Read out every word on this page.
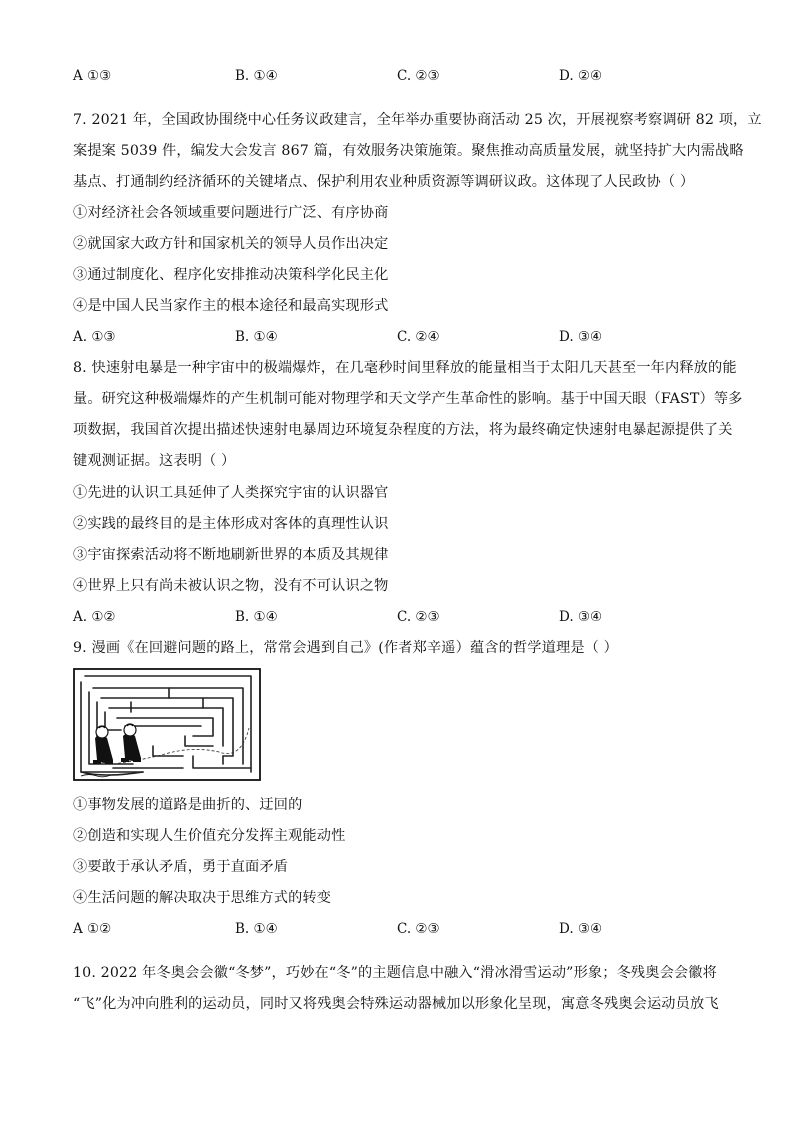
A ①③	B. ①④	C. ②③	D. ②④
7. 2021 年，全国政协围绕中心任务议政建言，全年举办重要协商活动 25 次，开展视察考察调研 82 项，立
案提案 5039 件，编发大会发言 867 篇，有效服务决策施策。聚焦推动高质量发展，就坚持扩大内需战略
基点、打通制约经济循环的关键堵点、保护利用农业种质资源等调研议政。这体现了人民政协（ ）
①对经济社会各领域重要问题进行广泛、有序协商
②就国家大政方针和国家机关的领导人员作出决定
③通过制度化、程序化安排推动决策科学化民主化
④是中国人民当家作主的根本途径和最高实现形式
A. ①③	B. ①④	C. ②④	D. ③④
8. 快速射电暴是一种宇宙中的极端爆炸，在几毫秒时间里释放的能量相当于太阳几天甚至一年内释放的能
量。研究这种极端爆炸的产生机制可能对物理学和天文学产生革命性的影响。基于中国天眼（FAST）等多
项数据，我国首次提出描述快速射电暴周边环境复杂程度的方法，将为最终确定快速射电暴起源提供了关
键观测证据。这表明（ ）
①先进的认识工具延伸了人类探究宇宙的认识器官
②实践的最终目的是主体形成对客体的真理性认识
③宇宙探索活动将不断地刷新世界的本质及其规律
④世界上只有尚未被认识之物，没有不可认识之物
A. ①②	B. ①④	C. ②③	D. ③④
9. 漫画《在回避问题的路上，常常会遇到自己》(作者郑辛遥）蕴含的哲学道理是（ ）
①事物发展的道路是曲折的、迂回的
②创造和实现人生价值充分发挥主观能动性
③要敢于承认矛盾，勇于直面矛盾
④生活问题的解决取决于思维方式的转变
A ①②	B. ①④	C. ②③	D. ③④
10. 2022 年冬奥会会徽“冬梦”，巧妙在“冬”的主题信息中融入“滑冰滑雪运动”形象；冬残奥会会徽将
“飞”化为冲向胜利的运动员，同时又将残奥会特殊运动器械加以形象化呈现，寓意冬残奥会运动员放飞
